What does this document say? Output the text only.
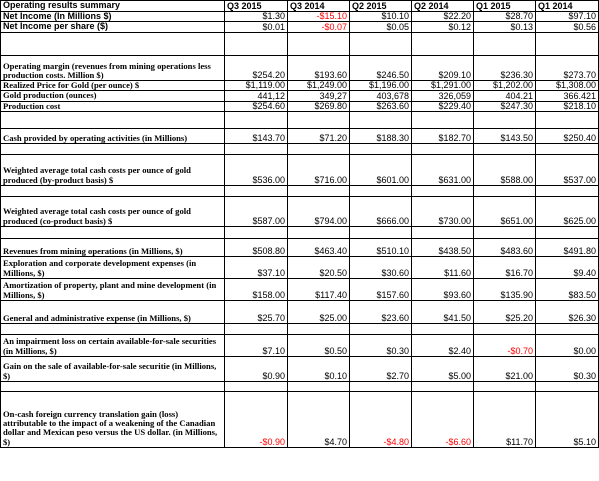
Operating results summary	Q3 2015	Q3 2014	Q2 2015	Q2 2014	Q1 2015	Q1 2014
Net Income (In Millions $)	$1.30	-$15.10	$10.10	$22.20	$28.70	$97.10
Net Income per share ($)	$0.01	-$0.07	$0.05	$0.12	$0.13	$0.56

Operating margin (revenues from mining operations less production costs. Million $)	$254.20	$193.60	$246.50	$209.10	$236.30	$273.70
Realized Price for Gold (per ounce) $	$1,119.00	$1,249.00	$1,196.00	$1,291.00	$1,202.00	$1,308.00
Gold production (ounces)	441,12	349,27	403,678	326,059	404.21	366.421
Production cost	$254.60	$269.80	$263.60	$229.40	$247.30	$218.10

Cash provided by operating activities (in Millions)	$143.70	$71.20	$188.30	$182.70	$143.50	$250.40

Weighted average total cash costs per ounce of gold produced (by-product basis) $	$536.00	$716.00	$601.00	$631.00	$588.00	$537.00

Weighted average total cash costs per ounce of gold produced (co-product basis) $	$587.00	$794.00	$666.00	$730.00	$651.00	$625.00

Revenues from mining operations (in Millions, $)	$508.80	$463.40	$510.10	$438.50	$483.60	$491.80
Exploration and corporate development expenses (in Millions, $)	$37.10	$20.50	$30.60	$11.60	$16.70	$9.40
Amortization of property, plant and mine development (in Millions, $)	$158.00	$117.40	$157.60	$93.60	$135.90	$83.50
General and administrative expense (in Millions, $)	$25.70	$25.00	$23.60	$41.50	$25.20	$26.30

An impairment loss on certain available-for-sale securities (in Millions, $)	$7.10	$0.50	$0.30	$2.40	-$0.70	$0.00
Gain on the sale of available-for-sale securitie (in Millions, $)	$0.90	$0.10	$2.70	$5.00	$21.00	$0.30

On-cash foreign currency translation gain (loss) attributable to the impact of a weakening of the Canadian dollar and Mexican peso versus the US dollar. (in Millions, $)	-$0.90	$4.70	-$4.80	-$6.60	$11.70	$5.10
